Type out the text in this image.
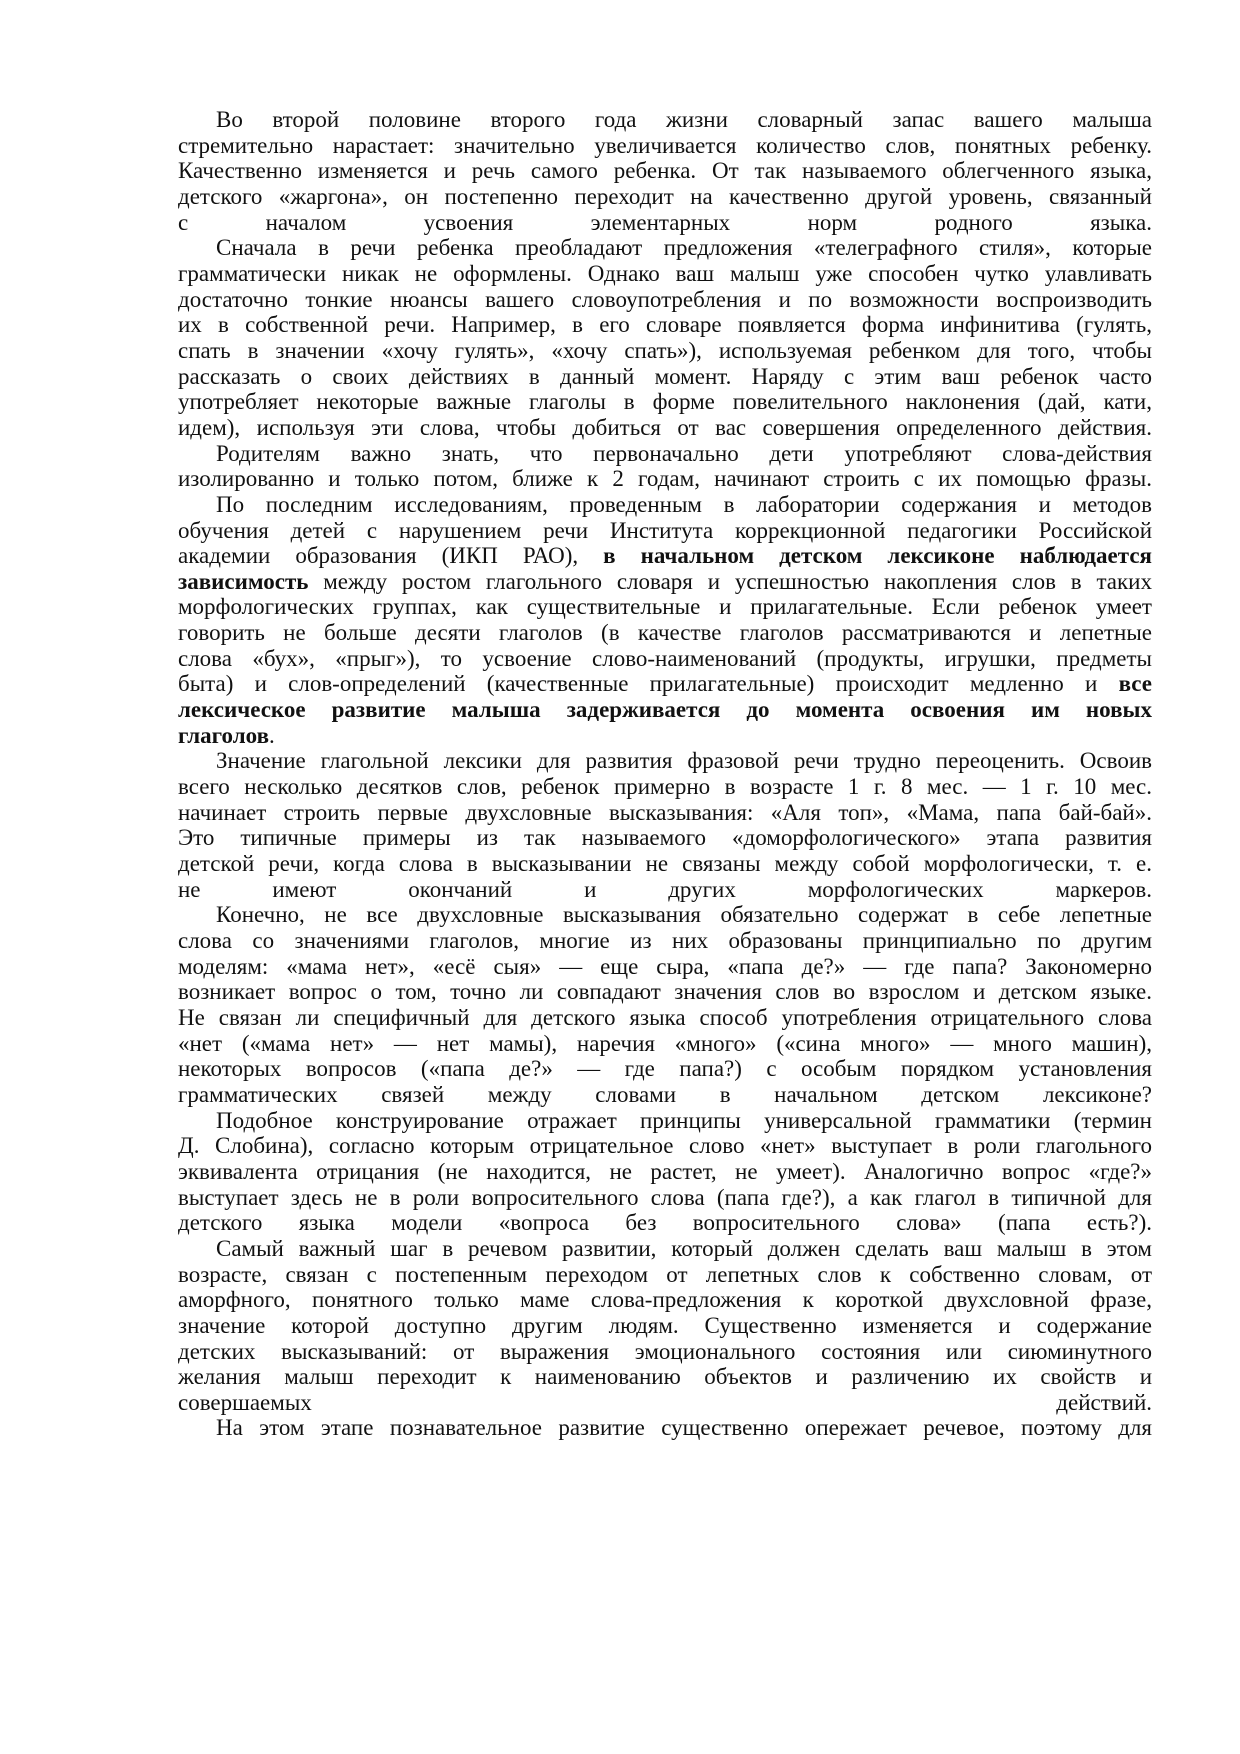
Во второй половине второго года жизни словарный запас вашего малыша
стремительно нарастает: значительно увеличивается количество слов, понятных ребенку.
Качественно изменяется и речь самого ребенка. От так называемого облегченного языка,
детского «жаргона», он постепенно переходит на качественно другой уровень, связанный
с началом усвоения элементарных норм родного языка.
Сначала в речи ребенка преобладают предложения «телеграфного стиля», которые
грамматически никак не оформлены. Однако ваш малыш уже способен чутко улавливать
достаточно тонкие нюансы вашего словоупотребления и по возможности воспроизводить
их в собственной речи. Например, в его словаре появляется форма инфинитива (гулять,
спать в значении «хочу гулять», «хочу спать»), используемая ребенком для того, чтобы
рассказать о своих действиях в данный момент. Наряду с этим ваш ребенок часто
употребляет некоторые важные глаголы в форме повелительного наклонения (дай, кати,
идем), используя эти слова, чтобы добиться от вас совершения определенного действия.
Родителям важно знать, что первоначально дети употребляют слова-действия
изолированно и только потом, ближе к 2 годам, начинают строить с их помощью фразы.
По последним исследованиям, проведенным в лаборатории содержания и методов
обучения детей с нарушением речи Института коррекционной педагогики Российской
академии образования (ИКП РАО), в начальном детском лексиконе наблюдается
зависимость между ростом глагольного словаря и успешностью накопления слов в таких
морфологических группах, как существительные и прилагательные. Если ребенок умеет
говорить не больше десяти глаголов (в качестве глаголов рассматриваются и лепетные
слова «бух», «прыг»), то усвоение слово-наименований (продукты, игрушки, предметы
быта) и слов-определений (качественные прилагательные) происходит медленно и все
лексическое развитие малыша задерживается до момента освоения им новых
глаголов.
Значение глагольной лексики для развития фразовой речи трудно переоценить. Освоив
всего несколько десятков слов, ребенок примерно в возрасте 1 г. 8 мес. — 1 г. 10 мес.
начинает строить первые двухсловные высказывания: «Аля топ», «Мама, папа бай-бай».
Это типичные примеры из так называемого «доморфологического» этапа развития
детской речи, когда слова в высказывании не связаны между собой морфологически, т. е.
не имеют окончаний и других морфологических маркеров.
Конечно, не все двухсловные высказывания обязательно содержат в себе лепетные
слова со значениями глаголов, многие из них образованы принципиально по другим
моделям: «мама нет», «есё сыя» — еще сыра, «папа де?» — где папа? Закономерно
возникает вопрос о том, точно ли совпадают значения слов во взрослом и детском языке.
Не связан ли специфичный для детского языка способ употребления отрицательного слова
«нет («мама нет» — нет мамы), наречия «много» («сина много» — много машин),
некоторых вопросов («папа де?» — где папа?) с особым порядком установления
грамматических связей между словами в начальном детском лексиконе?
Подобное конструирование отражает принципы универсальной грамматики (термин
Д. Слобина), согласно которым отрицательное слово «нет» выступает в роли глагольного
эквивалента отрицания (не находится, не растет, не умеет). Аналогично вопрос «где?»
выступает здесь не в роли вопросительного слова (папа где?), а как глагол в типичной для
детского языка модели «вопроса без вопросительного слова» (папа есть?).
Самый важный шаг в речевом развитии, который должен сделать ваш малыш в этом
возрасте, связан с постепенным переходом от лепетных слов к собственно словам, от
аморфного, понятного только маме слова-предложения к короткой двухсловной фразе,
значение которой доступно другим людям. Существенно изменяется и содержание
детских высказываний: от выражения эмоционального состояния или сиюминутного
желания малыш переходит к наименованию объектов и различению их свойств и
совершаемых действий.
На этом этапе познавательное развитие существенно опережает речевое, поэтому для
